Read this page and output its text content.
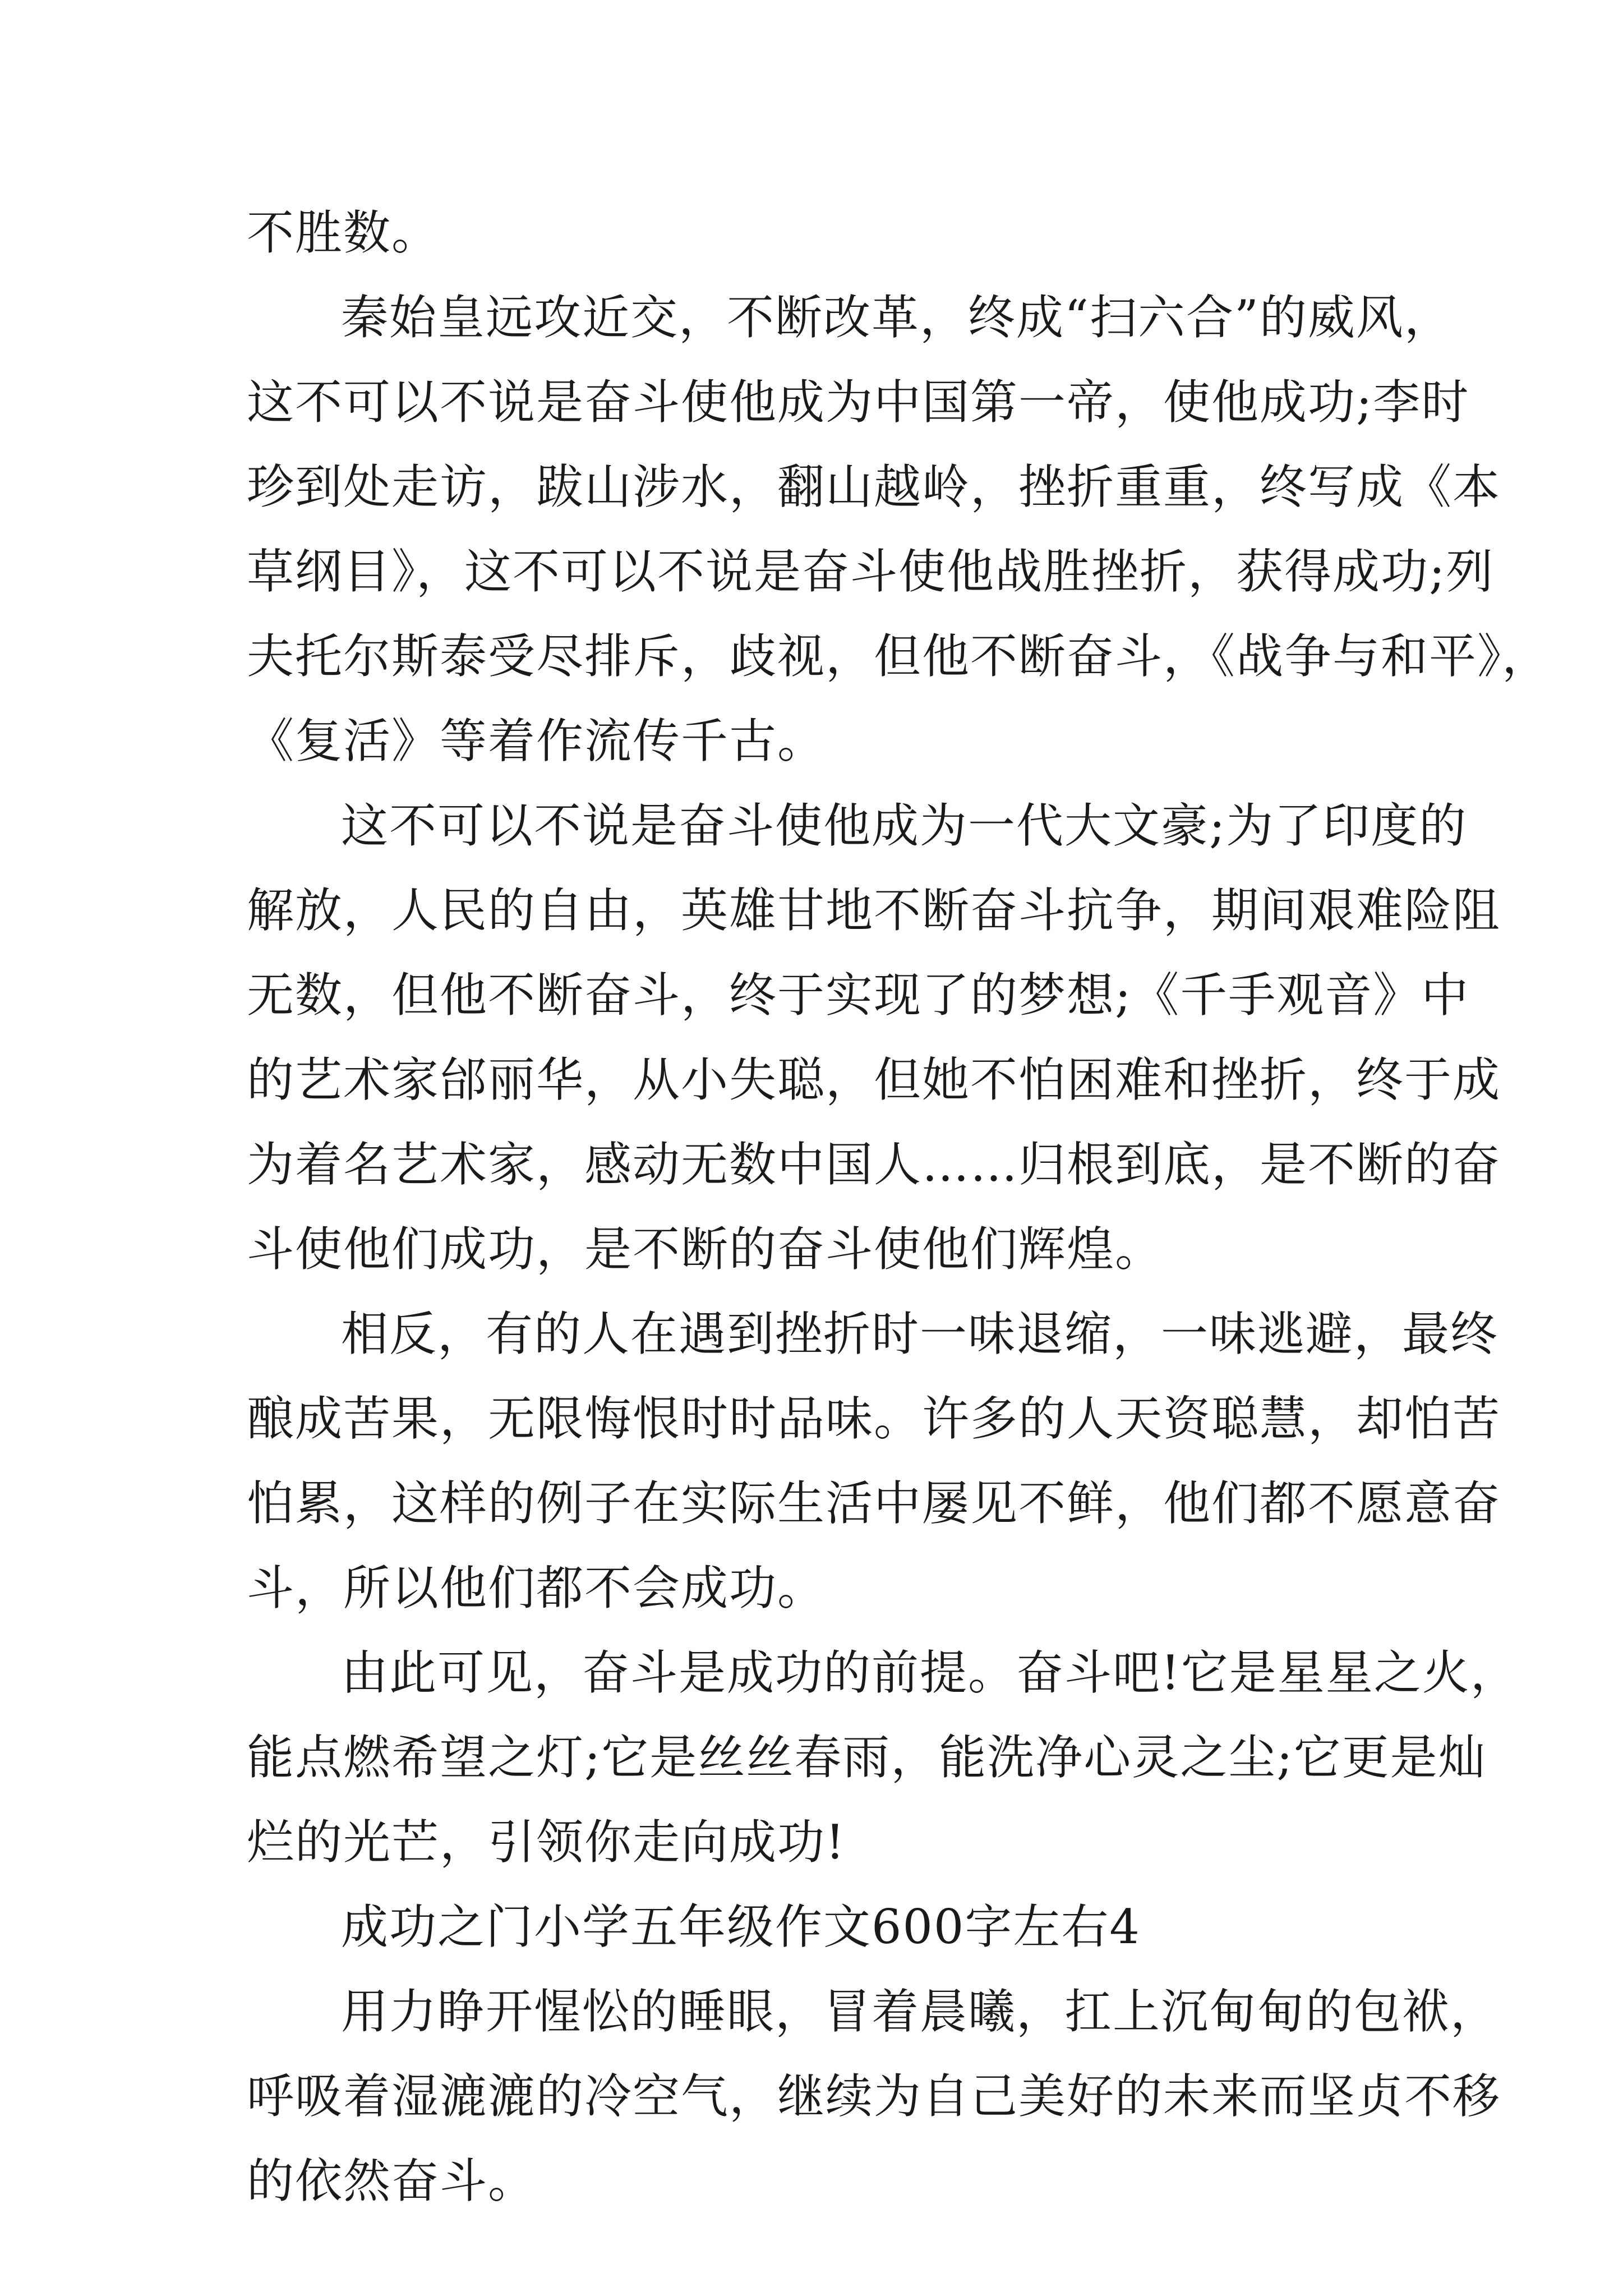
不胜数。

秦始皇远攻近交，不断改革，终成“扫六合”的威风，
这不可以不说是奋斗使他成为中国第一帝，使他成功;李时
珍到处走访，跋山涉水，翻山越岭，挫折重重，终写成《本
草纲目》，这不可以不说是奋斗使他战胜挫折，获得成功;列
夫托尔斯泰受尽排斥，歧视，但他不断奋斗，《战争与和平》，
《复活》等着作流传千古。

这不可以不说是奋斗使他成为一代大文豪;为了印度的
解放，人民的自由，英雄甘地不断奋斗抗争，期间艰难险阻
无数，但他不断奋斗，终于实现了的梦想;《千手观音》中
的艺术家邰丽华，从小失聪，但她不怕困难和挫折，终于成
为着名艺术家，感动无数中国人……归根到底，是不断的奋
斗使他们成功，是不断的奋斗使他们辉煌。

相反，有的人在遇到挫折时一味退缩，一味逃避，最终
酿成苦果，无限悔恨时时品味。许多的人天资聪慧，却怕苦
怕累，这样的例子在实际生活中屡见不鲜，他们都不愿意奋
斗，所以他们都不会成功。

由此可见，奋斗是成功的前提。奋斗吧!它是星星之火，
能点燃希望之灯;它是丝丝春雨，能洗净心灵之尘;它更是灿
烂的光芒，引领你走向成功!

成功之门小学五年级作文600字左右4

用力睁开惺忪的睡眼，冒着晨曦，扛上沉甸甸的包袱，
呼吸着湿漉漉的冷空气，继续为自己美好的未来而坚贞不移
的依然奋斗。
